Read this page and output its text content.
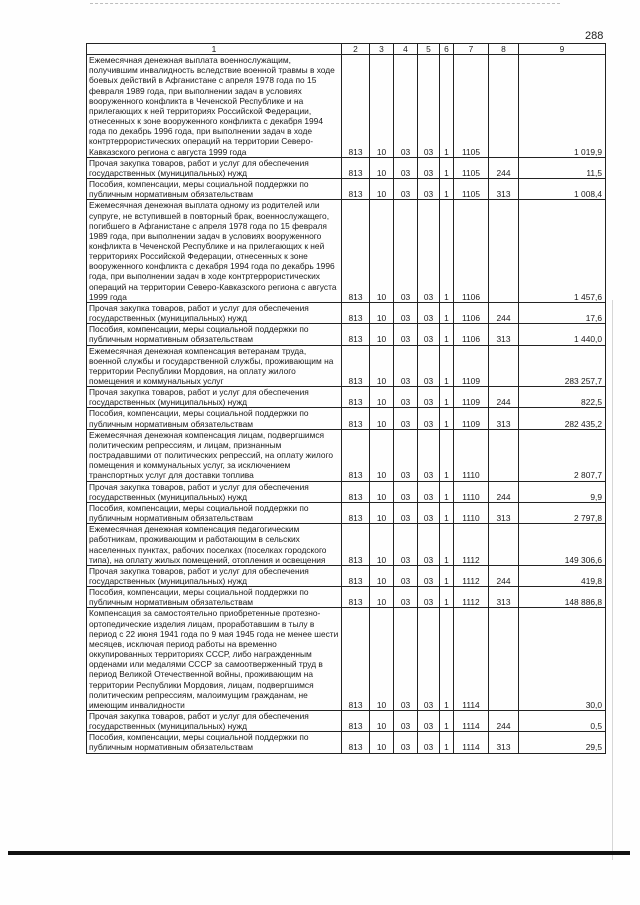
288
1	2	3	4	5	6	7	8	9
Ежемесячная денежная выплата военнослужащим, получившим инвалидность вследствие военной травмы в ходе боевых действий в Афганистане с апреля 1978 года по 15 февраля 1989 года, при выполнении задач в условиях вооруженного конфликта в Чеченской Республике и на прилегающих к ней территориях Российской Федерации, отнесенных к зоне вооруженного конфликта с декабря 1994 года по декабрь 1996 года, при выполнении задач в ходе контртеррористических операций на территории Северо-Кавказского региона с августа 1999 года	813	10	03	03	1	1105		1 019,9
Прочая закупка товаров, работ и услуг для обеспечения государственных (муниципальных) нужд	813	10	03	03	1	1105	244	11,5
Пособия, компенсации, меры социальной поддержки по публичным нормативным обязательствам	813	10	03	03	1	1105	313	1 008,4
Ежемесячная денежная выплата одному из родителей или супруге, не вступившей в повторный брак, военнослужащего, погибшего в Афганистане с апреля 1978 года по 15 февраля 1989 года, при выполнении задач в условиях вооруженного конфликта в Чеченской Республике и на прилегающих к ней территориях Российской Федерации, отнесенных к зоне вооруженного конфликта с декабря 1994 года по декабрь 1996 года, при выполнении задач в ходе контртеррористических операций на территории Северо-Кавказского региона с августа 1999 года	813	10	03	03	1	1106		1 457,6
Прочая закупка товаров, работ и услуг для обеспечения государственных (муниципальных) нужд	813	10	03	03	1	1106	244	17,6
Пособия, компенсации, меры социальной поддержки по публичным нормативным обязательствам	813	10	03	03	1	1106	313	1 440,0
Ежемесячная денежная компенсация ветеранам труда, военной службы и государственной службы, проживающим на территории Республики Мордовия, на оплату жилого помещения и коммунальных услуг	813	10	03	03	1	1109		283 257,7
Прочая закупка товаров, работ и услуг для обеспечения государственных (муниципальных) нужд	813	10	03	03	1	1109	244	822,5
Пособия, компенсации, меры социальной поддержки по публичным нормативным обязательствам	813	10	03	03	1	1109	313	282 435,2
Ежемесячная денежная компенсация лицам, подвергшимся политическим репрессиям, и лицам, признанным пострадавшими от политических репрессий, на оплату жилого помещения и коммунальных услуг, за исключением транспортных услуг для доставки топлива	813	10	03	03	1	1110		2 807,7
Прочая закупка товаров, работ и услуг для обеспечения государственных (муниципальных) нужд	813	10	03	03	1	1110	244	9,9
Пособия, компенсации, меры социальной поддержки по публичным нормативным обязательствам	813	10	03	03	1	1110	313	2 797,8
Ежемесячная денежная компенсация педагогическим работникам, проживающим и работающим в сельских населенных пунктах, рабочих поселках (поселках городского типа), на оплату жилых помещений, отопления и освещения	813	10	03	03	1	1112		149 306,6
Прочая закупка товаров, работ и услуг для обеспечения государственных (муниципальных) нужд	813	10	03	03	1	1112	244	419,8
Пособия, компенсации, меры социальной поддержки по публичным нормативным обязательствам	813	10	03	03	1	1112	313	148 886,8
Компенсация за самостоятельно приобретенные протезно-ортопедические изделия лицам, проработавшим в тылу в период с 22 июня 1941 года по 9 мая 1945 года не менее шести месяцев, исключая период работы на временно оккупированных территориях СССР, либо награжденным орденами или медалями СССР за самоотверженный труд в период Великой Отечественной войны, проживающим на территории Республики Мордовия, лицам, подвергшимся политическим репрессиям, малоимущим гражданам, не имеющим инвалидности	813	10	03	03	1	1114		30,0
Прочая закупка товаров, работ и услуг для обеспечения государственных (муниципальных) нужд	813	10	03	03	1	1114	244	0,5
Пособия, компенсации, меры социальной поддержки по публичным нормативным обязательствам	813	10	03	03	1	1114	313	29,5
